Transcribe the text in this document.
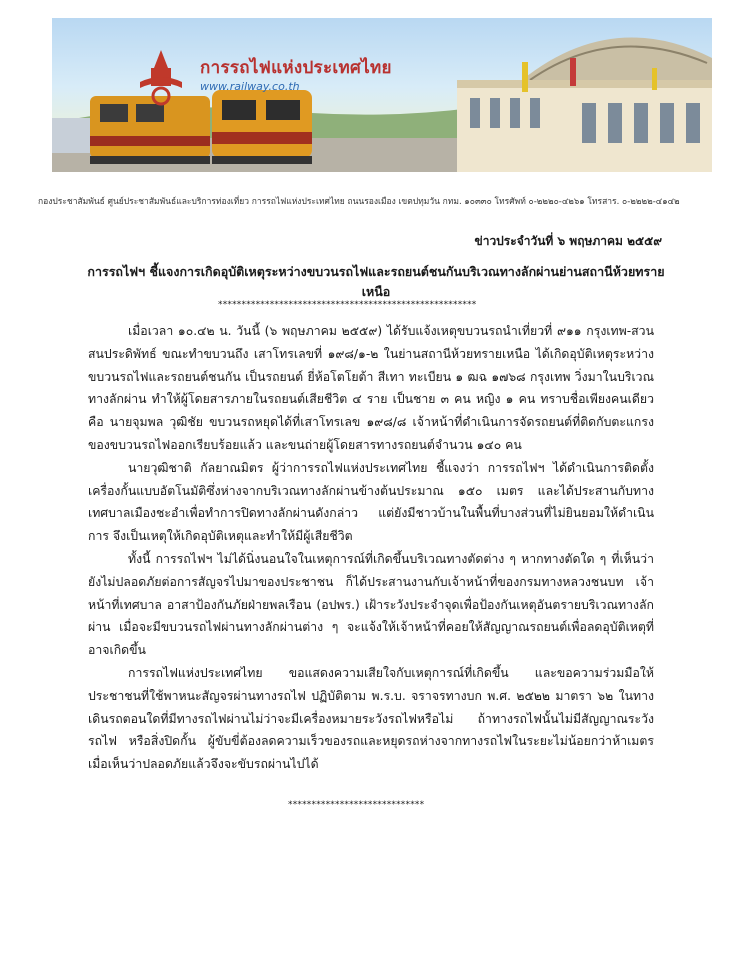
การรถไฟแห่งประเทศไทย
www.railway.co.th
กองประชาสัมพันธ์ ศูนย์ประชาสัมพันธ์และบริการท่องเที่ยว การรถไฟแห่งประเทศไทย ถนนรองเมือง เขตปทุมวัน กทม. ๑๐๓๓๐ โทรศัพท์ ๐-๒๒๒๐-๔๒๖๑ โทรสาร. ๐-๒๒๒๒-๔๑๔๒
ข่าวประจำวันที่ ๖ พฤษภาคม ๒๕๕๙
การรถไฟฯ ชี้แจงการเกิดอุบัติเหตุระหว่างขบวนรถไฟและรถยนต์ชนกันบริเวณทางลักผ่านย่านสถานีห้วยทรายเหนือ
*******************************************************

เมื่อเวลา ๑๐.๔๒ น. วันนี้ (๖ พฤษภาคม ๒๕๕๙) ได้รับแจ้งเหตุขบวนรถนำเที่ยวที่ ๙๑๑ กรุงเทพ-สวนสนประดิพัทธ์ ขณะทำขบวนถึง เสาโทรเลขที่ ๑๙๘/๑-๒ ในย่านสถานีห้วยทรายเหนือ ได้เกิดอุบัติเหตุระหว่างขบวนรถไฟและรถยนต์ชนกัน เป็นรถยนต์ ยี่ห้อโตโยต้า สีเทา ทะเบียน ๑ ฒฉ ๑๗๖๘ กรุงเทพ วิ่งมาในบริเวณทางลักผ่าน ทำให้ผู้โดยสารภายในรถยนต์เสียชีวิต ๔ ราย เป็นชาย ๓ คน หญิง ๑ คน ทราบชื่อเพียงคนเดียว คือ นายจุมพล วุฒิชัย ขบวนรถหยุดได้ที่เสาโทรเลข ๑๙๘/๘ เจ้าหน้าที่ดำเนินการจัดรถยนต์ที่ติดกับตะแกรงของขบวนรถไฟออกเรียบร้อยแล้ว และขนถ่ายผู้โดยสารทางรถยนต์จำนวน ๑๔๐ คน

นายวุฒิชาติ กัลยาณมิตร ผู้ว่าการรถไฟแห่งประเทศไทย ชี้แจงว่า การรถไฟฯ ได้ดำเนินการติดตั้งเครื่องกั้นแบบอัตโนมัติซึ่งห่างจากบริเวณทางลักผ่านข้างต้นประมาณ ๑๕๐ เมตร และได้ประสานกับทางเทศบาลเมืองชะอำเพื่อทำการปิดทางลักผ่านดังกล่าว แต่ยังมีชาวบ้านในพื้นที่บางส่วนที่ไม่ยินยอมให้ดำเนินการ จึงเป็นเหตุให้เกิดอุบัติเหตุและทำให้มีผู้เสียชีวิต

ทั้งนี้ การรถไฟฯ ไม่ได้นิ่งนอนใจในเหตุการณ์ที่เกิดขึ้นบริเวณทางตัดต่าง ๆ หากทางตัดใด ๆ ที่เห็นว่ายังไม่ปลอดภัยต่อการสัญจรไปมาของประชาชน ก็ได้ประสานงานกับเจ้าหน้าที่ของกรมทางหลวงชนบท เจ้าหน้าที่เทศบาล อาสาป้องกันภัยฝ่ายพลเรือน (อปพร.) เฝ้าระวังประจำจุดเพื่อป้องกันเหตุอันตรายบริเวณทางลักผ่าน เมื่อจะมีขบวนรถไฟผ่านทางลักผ่านต่าง ๆ จะแจ้งให้เจ้าหน้าที่คอยให้สัญญาณรถยนต์เพื่อลดอุบัติเหตุที่อาจเกิดขึ้น

การรถไฟแห่งประเทศไทย ขอแสดงความเสียใจกับเหตุการณ์ที่เกิดขึ้น และขอความร่วมมือให้ประชาชนที่ใช้พาหนะสัญจรผ่านทางรถไฟ ปฏิบัติตาม พ.ร.บ. จราจรทางบก พ.ศ. ๒๕๒๒ มาตรา ๖๒ ในทางเดินรถตอนใดที่มีทางรถไฟผ่านไม่ว่าจะมีเครื่องหมายระวังรถไฟหรือไม่ ถ้าทางรถไฟนั้นไม่มีสัญญาณระวังรถไฟ หรือสิ่งปิดกั้น ผู้ขับขี่ต้องลดความเร็วของรถและหยุดรถห่างจากทางรถไฟในระยะไม่น้อยกว่าห้าเมตร เมื่อเห็นว่าปลอดภัยแล้วจึงจะขับรถผ่านไปได้

*****************************
